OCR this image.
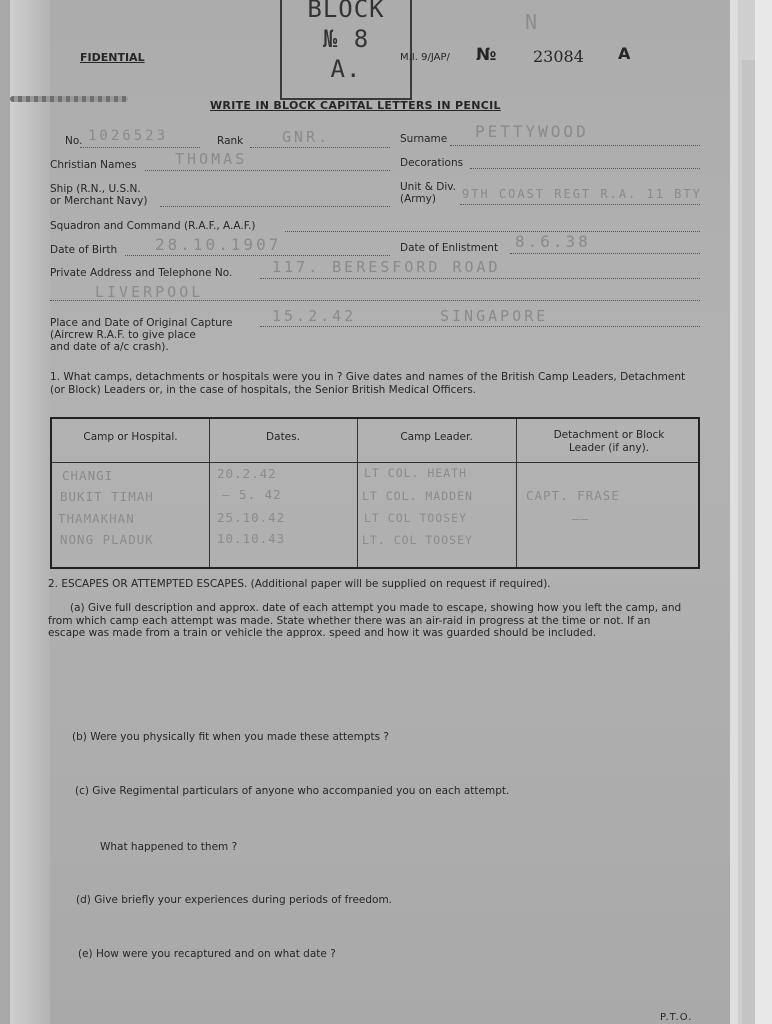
FIDENTIAL
BLOCK
№ 8
A.	M.I. 9/JAP/ № 23084 A
N
WRITE IN BLOCK CAPITAL LETTERS IN PENCIL
No. 1026523	Rank	GNR.	Surname PETTYWOOD
Christian Names	THOMAS	Decorations
Ship (R.N., U.S.N.
or Merchant Navy)
Unit & Div.
(Army) 9TH COAST REGT R.A. 11 BTY
Squadron and Command (R.A.F., A.A.F.)
Date of Birth 28.10.1907	Date of Enlistment 8.6.38
Private Address and Telephone No.	117. BERESFORD ROAD
LIVERPOOL
Place and Date of Original Capture
(Aircrew R.A.F. to give place
and date of a/c crash).
15.2.42	SINGAPORE
1. What camps, detachments or hospitals were you in ? Give dates and names of the British Camp Leaders, Detachment
(or Block) Leaders or, in the case of hospitals, the Senior British Medical Officers.
Camp or Hospital.	Dates.	Camp Leader.	Detachment or Block
Leader (if any).
CHANGI	20.2.42	LT COL. HEATH
BUKIT TIMAH	— 5. 42	LT COL. MADDEN	CAPT. FRASE
THAMAKHAN	25.10.42	LT COL TOOSEY	——
NONG PLADUK	10.10.43	LT. COL TOOSEY
2. ESCAPES OR ATTEMPTED ESCAPES. (Additional paper will be supplied on request if required).
(a) Give full description and approx. date of each attempt you made to escape, showing how you left the camp, and
from which camp each attempt was made. State whether there was an air-raid in progress at the time or not. If an
escape was made from a train or vehicle the approx. speed and how it was guarded should be included.
(b) Were you physically fit when you made these attempts ?
(c) Give Regimental particulars of anyone who accompanied you on each attempt.
What happened to them ?
(d) Give briefly your experiences during periods of freedom.
(e) How were you recaptured and on what date ?
P.T.O.
